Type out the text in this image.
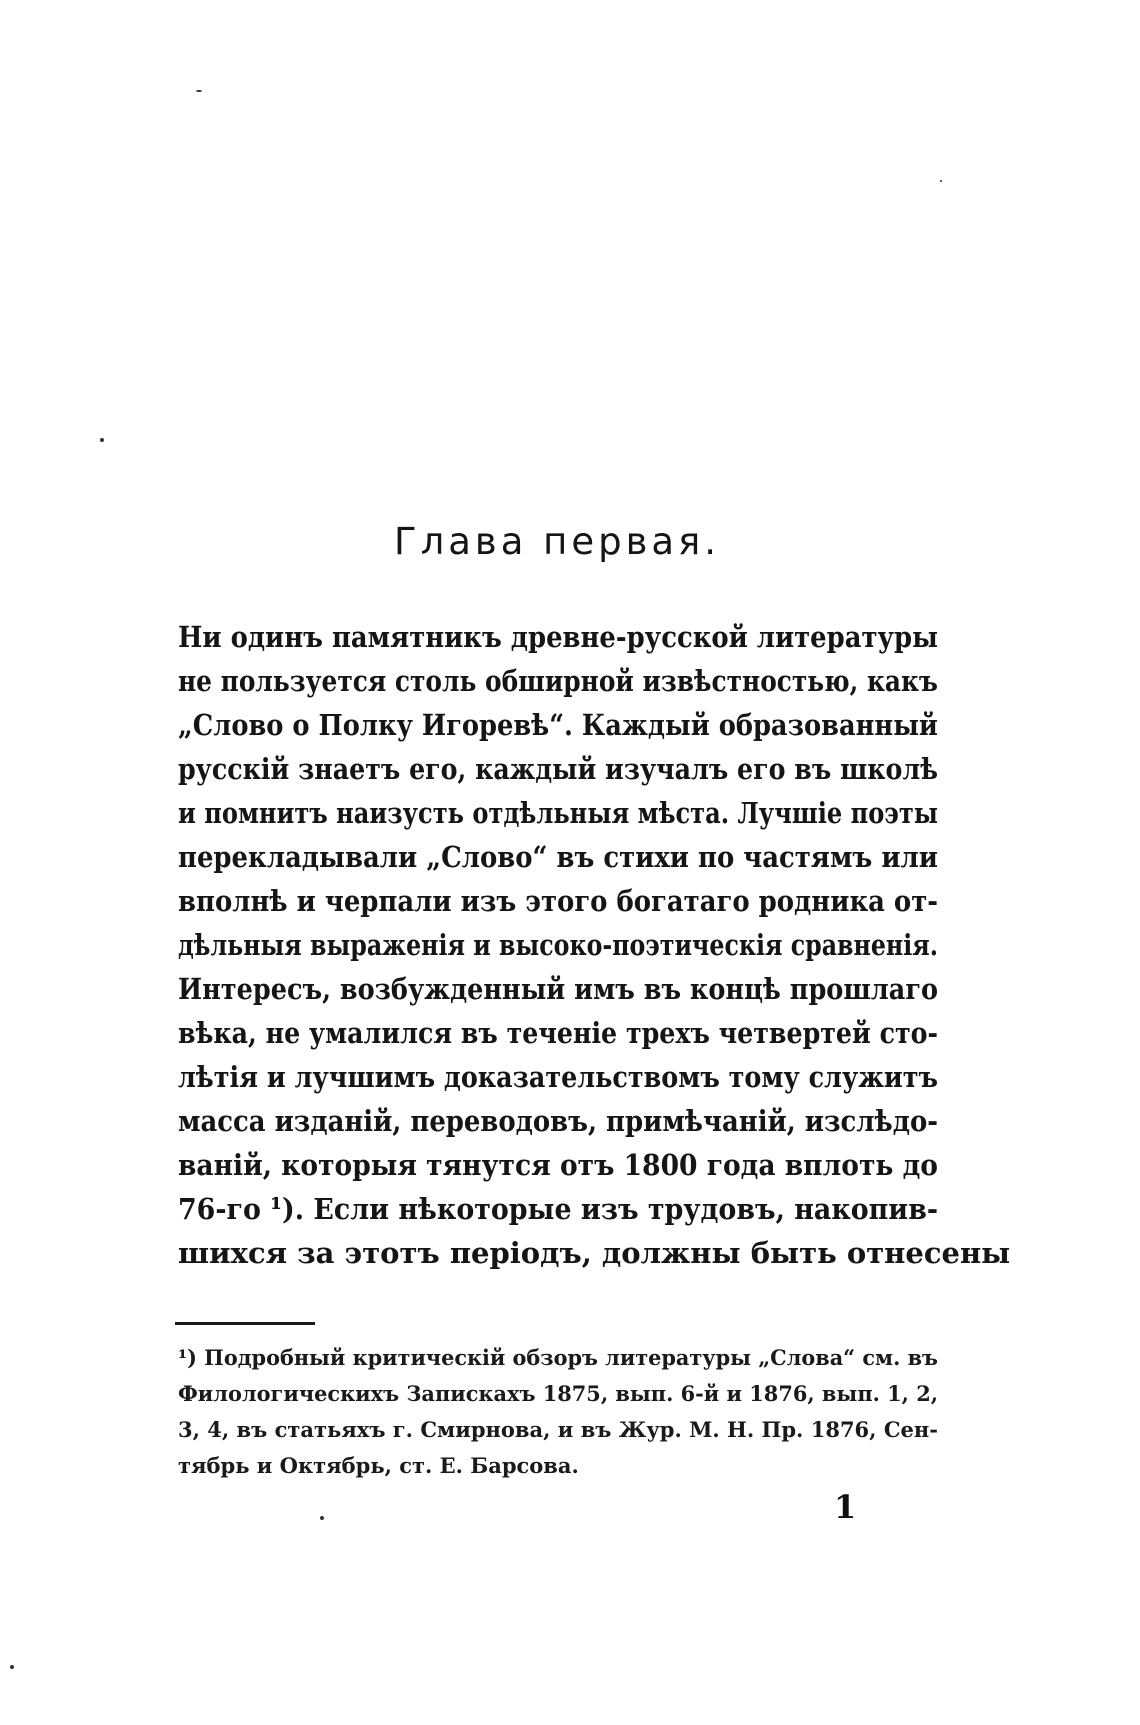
Глава первая.
Ни одинъ памятникъ древне-русской литературы
не пользуется столь обширной извѣстностью, какъ
„Слово о Полку Игоревѣ“. Каждый образованный
русскій знаетъ его, каждый изучалъ его въ школѣ
и помнитъ наизусть отдѣльныя мѣста. Лучшіе поэты
перекладывали „Слово“ въ стихи по частямъ или
вполнѣ и черпали изъ этого богатаго родника от-
дѣльныя выраженія и высоко-поэтическія сравненія.
Интересъ, возбужденный имъ въ концѣ прошлаго
вѣка, не умалился въ теченіе трехъ четвертей сто-
лѣтія и лучшимъ доказательствомъ тому служитъ
масса изданій, переводовъ, примѣчаній, изслѣдо-
ваній, которыя тянутся отъ 1800 года вплоть до
76-го ¹). Если нѣкоторые изъ трудовъ, накопив-
шихся за этотъ періодъ, должны быть отнесены
¹) Подробный критическій обзоръ литературы „Слова“ см. въ
Филологическихъ Запискахъ 1875, вып. 6-й и 1876, вып. 1, 2,
3, 4, въ статьяхъ г. Смирнова, и въ Жур. М. Н. Пр. 1876, Сен-
тябрь и Октябрь, ст. Е. Барсова.
1
